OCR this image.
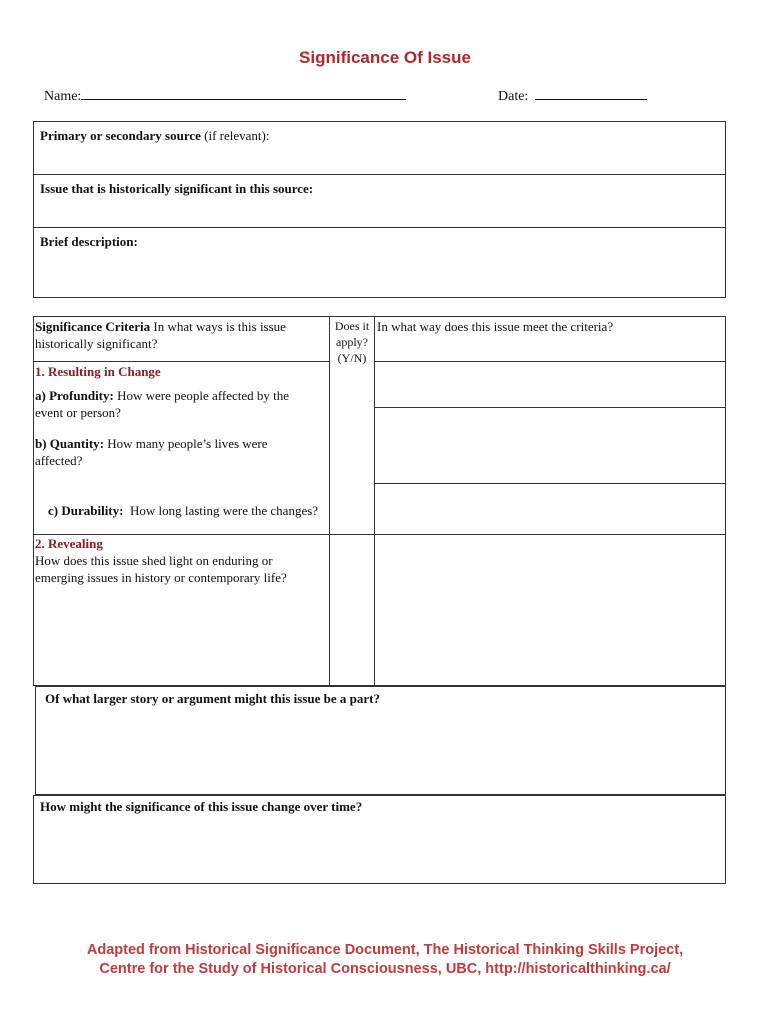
Significance Of Issue
Name:	Date:
Primary or secondary source (if relevant):
Issue that is historically significant in this source:
Brief description:
Significance Criteria In what ways is this issue historically significant?
Does it apply? (Y/N)
In what way does this issue meet the criteria?
1. Resulting in Change
a) Profundity: How were people affected by the event or person?
b) Quantity: How many people’s lives were affected?

c) Durability:  How long lasting were the changes?

2. Revealing
How does this issue shed light on enduring or emerging issues in history or contemporary life?
Of what larger story or argument might this issue be a part?
How might the significance of this issue change over time?
Adapted from Historical Significance Document, The Historical Thinking Skills Project,
Centre for the Study of Historical Consciousness, UBC, http://historicalthinking.ca/
